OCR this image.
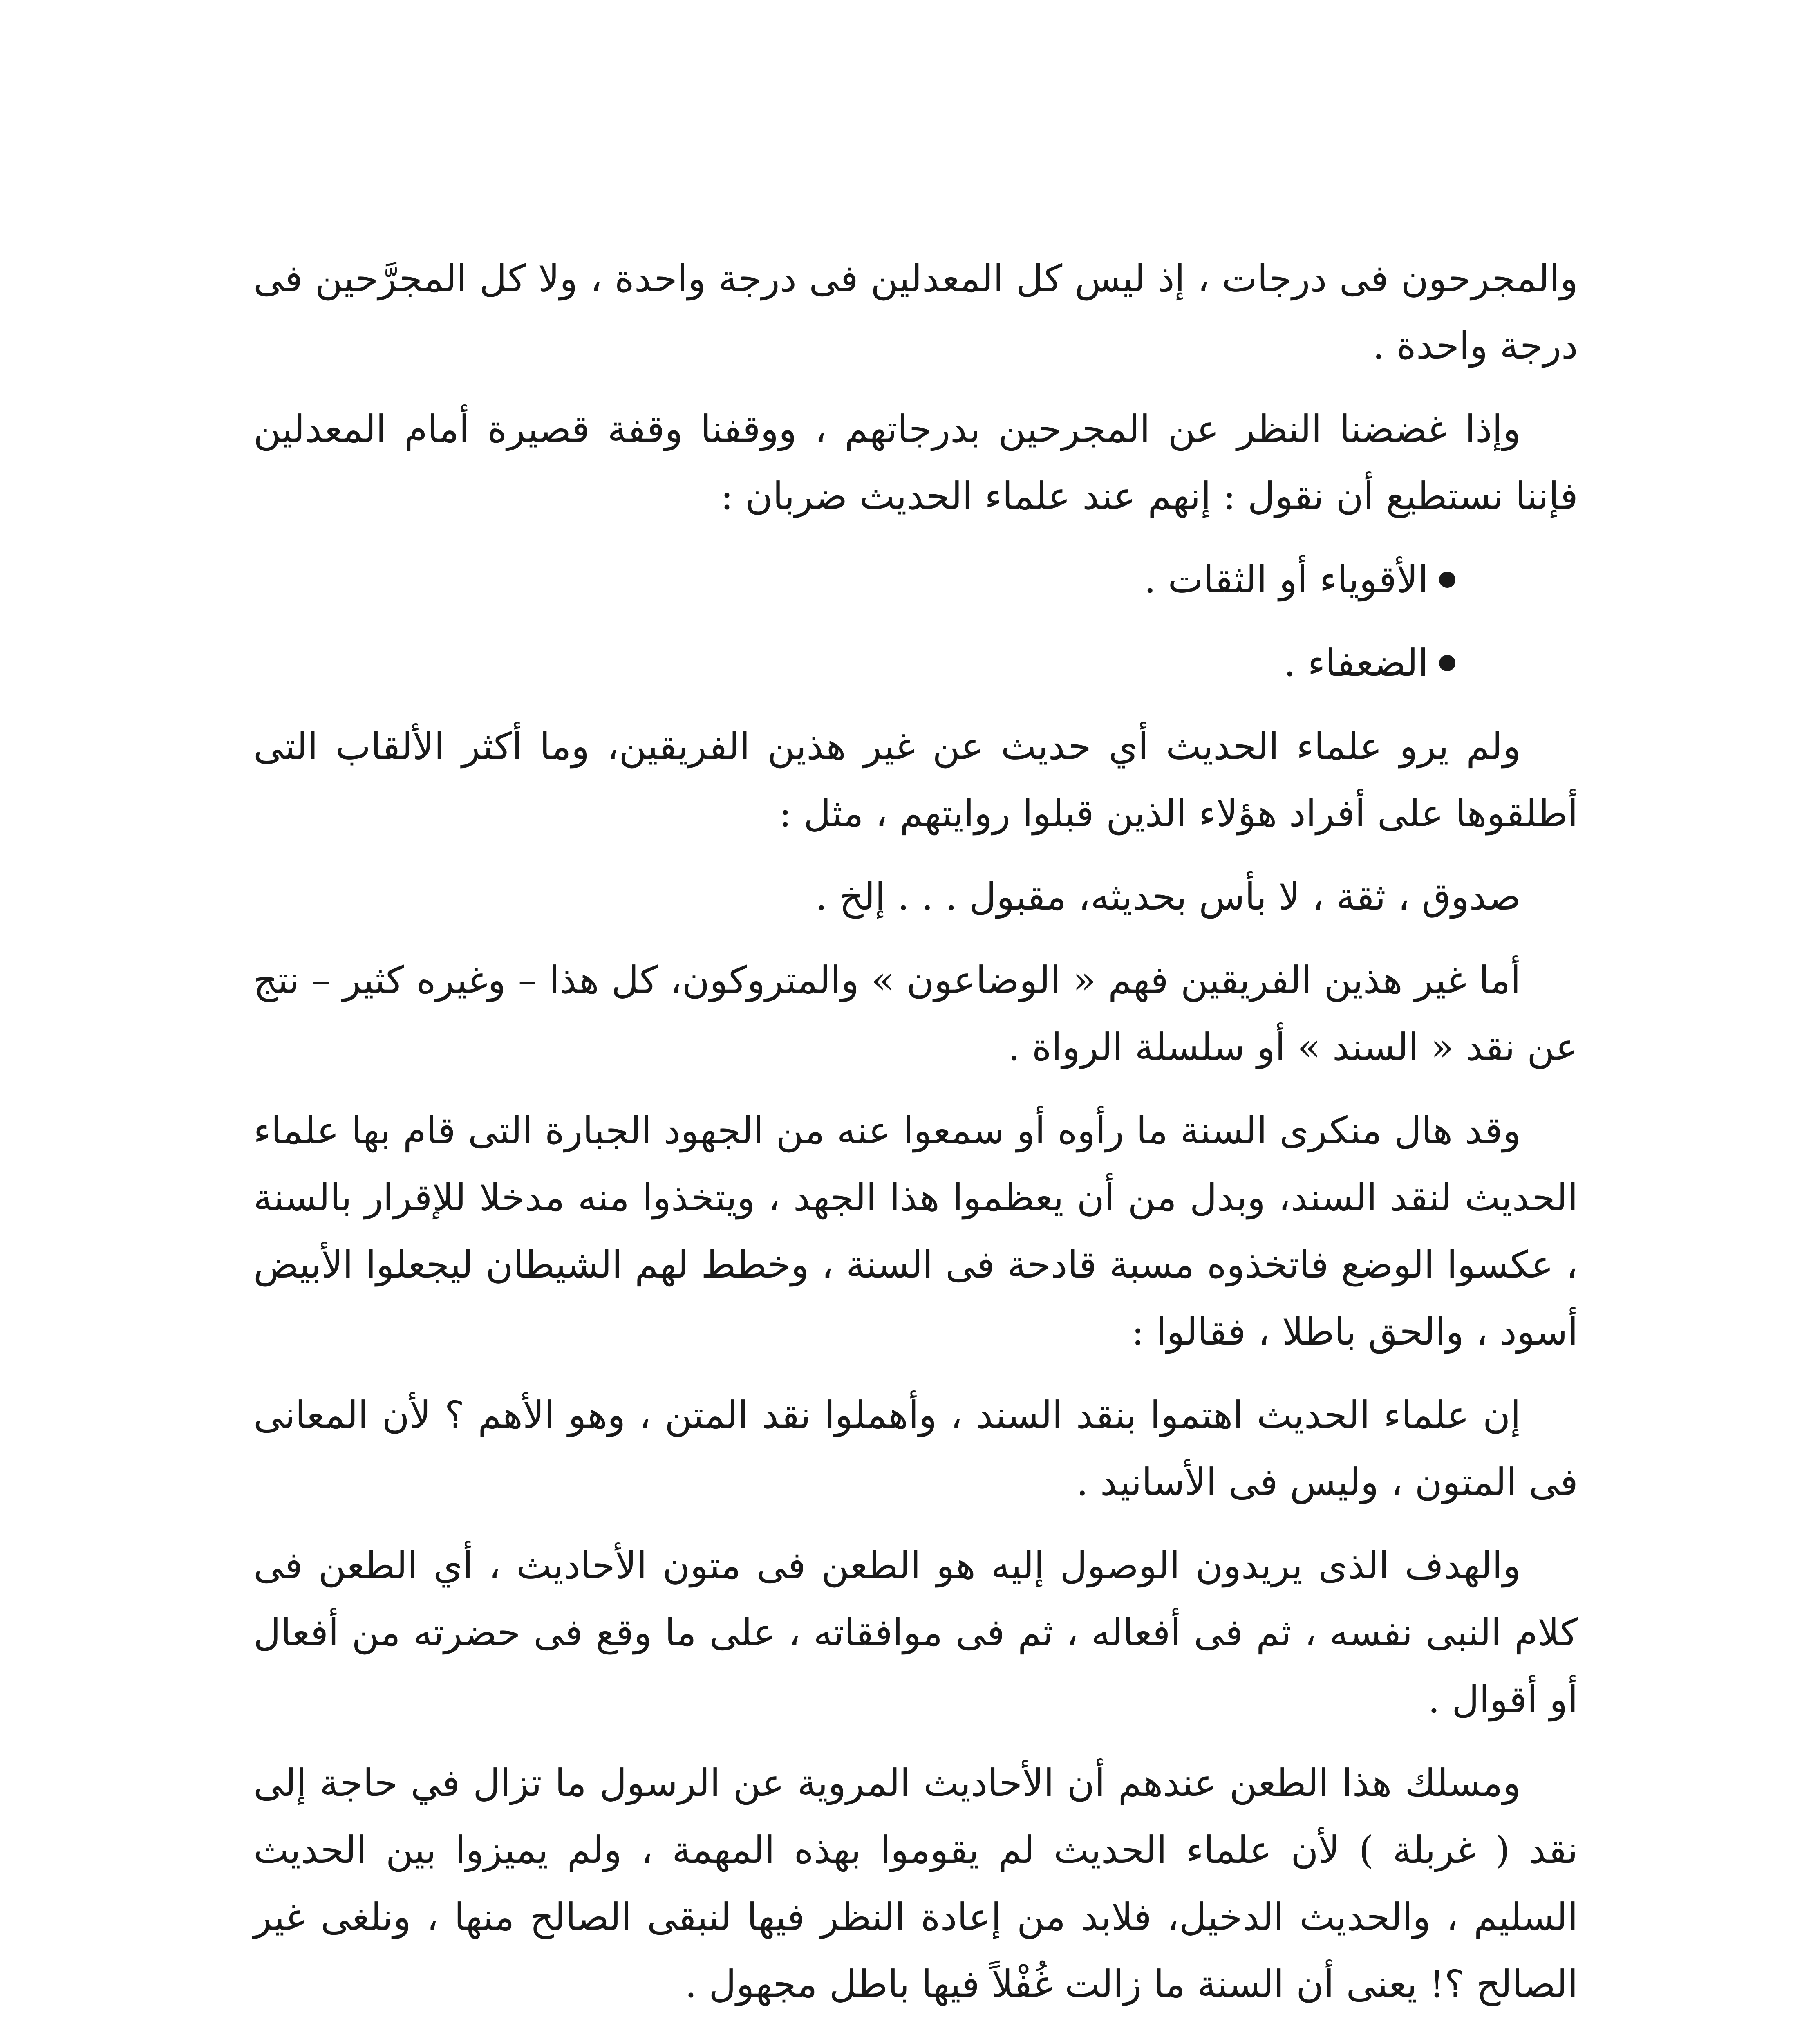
والمجرحون فى درجات ، إذ ليس كل المعدلين فى درجة واحدة ، ولا كل المجرَّحين فى درجة واحدة .

وإذا غضضنا النظر عن المجرحين بدرجاتهم ، ووقفنا وقفة قصيرة أمام المعدلين فإننا نستطيع أن نقول : إنهم عند علماء الحديث ضربان :

الأقوياء أو الثقات .
الضعفاء .

ولم يرو علماء الحديث أي حديث عن غير هذين الفريقين، وما أكثر الألقاب التى أطلقوها على أفراد هؤلاء الذين قبلوا روايتهم ، مثل :

صدوق ، ثقة ، لا بأس بحديثه، مقبول . . . إلخ .

أما غير هذين الفريقين فهم « الوضاعون » والمتروكون، كل هذا – وغيره كثير – نتج عن نقد « السند » أو سلسلة الرواة .

وقد هال منكرى السنة ما رأوه أو سمعوا عنه من الجهود الجبارة التى قام بها علماء الحديث لنقد السند، وبدل من أن يعظموا هذا الجهد ، ويتخذوا منه مدخلا للإقرار بالسنة ، عكسوا الوضع فاتخذوه مسبة قادحة فى السنة ، وخطط لهم الشيطان ليجعلوا الأبيض أسود ، والحق باطلا ، فقالوا :

إن علماء الحديث اهتموا بنقد السند ، وأهملوا نقد المتن ، وهو الأهم ؟ لأن المعانى فى المتون ، وليس فى الأسانيد .

والهدف الذى يريدون الوصول إليه هو الطعن فى متون الأحاديث ، أي الطعن فى كلام النبى نفسه ، ثم فى أفعاله ، ثم فى موافقاته ، على ما وقع فى حضرته من أفعال أو أقوال .

ومسلك هذا الطعن عندهم أن الأحاديث المروية عن الرسول ما تزال في حاجة إلى نقد ( غربلة ) لأن علماء الحديث لم يقوموا بهذه المهمة ، ولم يميزوا بين الحديث السليم ، والحديث الدخيل، فلابد من إعادة النظر فيها لنبقى الصالح منها ، ونلغى غير الصالح ؟! يعنى أن السنة ما زالت غُفْلاً فيها باطل مجهول .
